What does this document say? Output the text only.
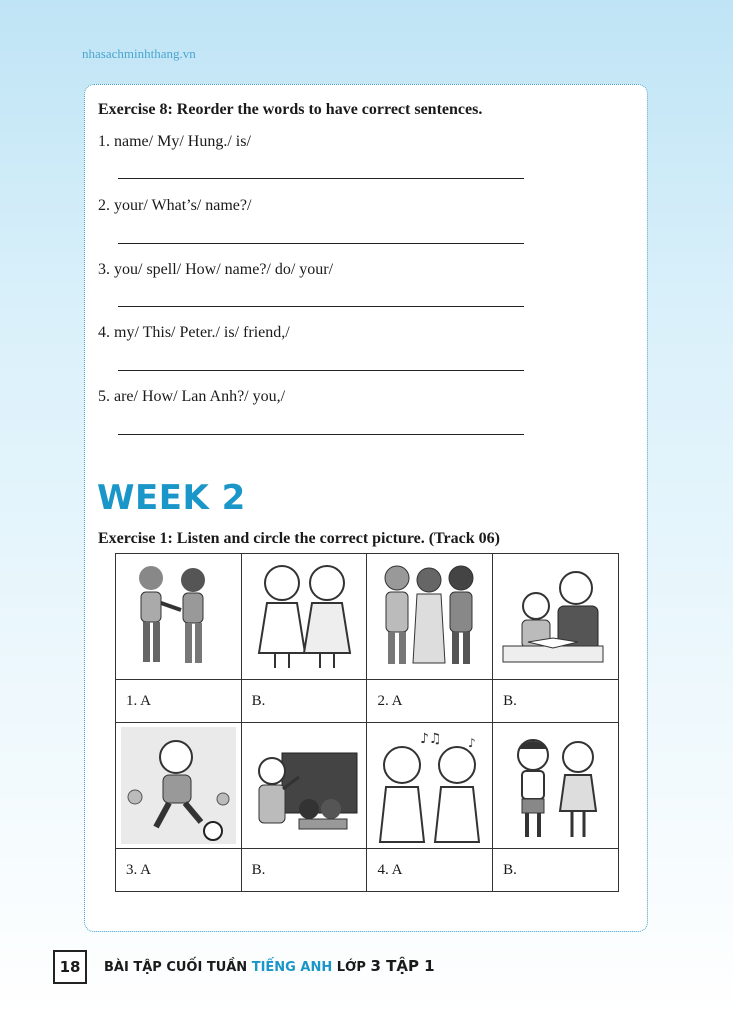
nhasachminhthang.vn
Exercise 8: Reorder the words to have correct sentences.
1. name/ My/ Hung./ is/
2. your/ What’s/ name?/
3. you/ spell/ How/ name?/ do/ your/
4. my/ This/ Peter./ is/ friend,/
5. are/ How/ Lan Anh?/ you,/
WEEK 2
Exercise 1: Listen and circle the correct picture. (Track 06)

1. A	B.	2. A	B.

♪♫ ♪

3. A	B.	4. A	B.
18	BÀI TẬP CUỐI TUẦN TIẾNG ANH LỚP 3 TẬP 1
